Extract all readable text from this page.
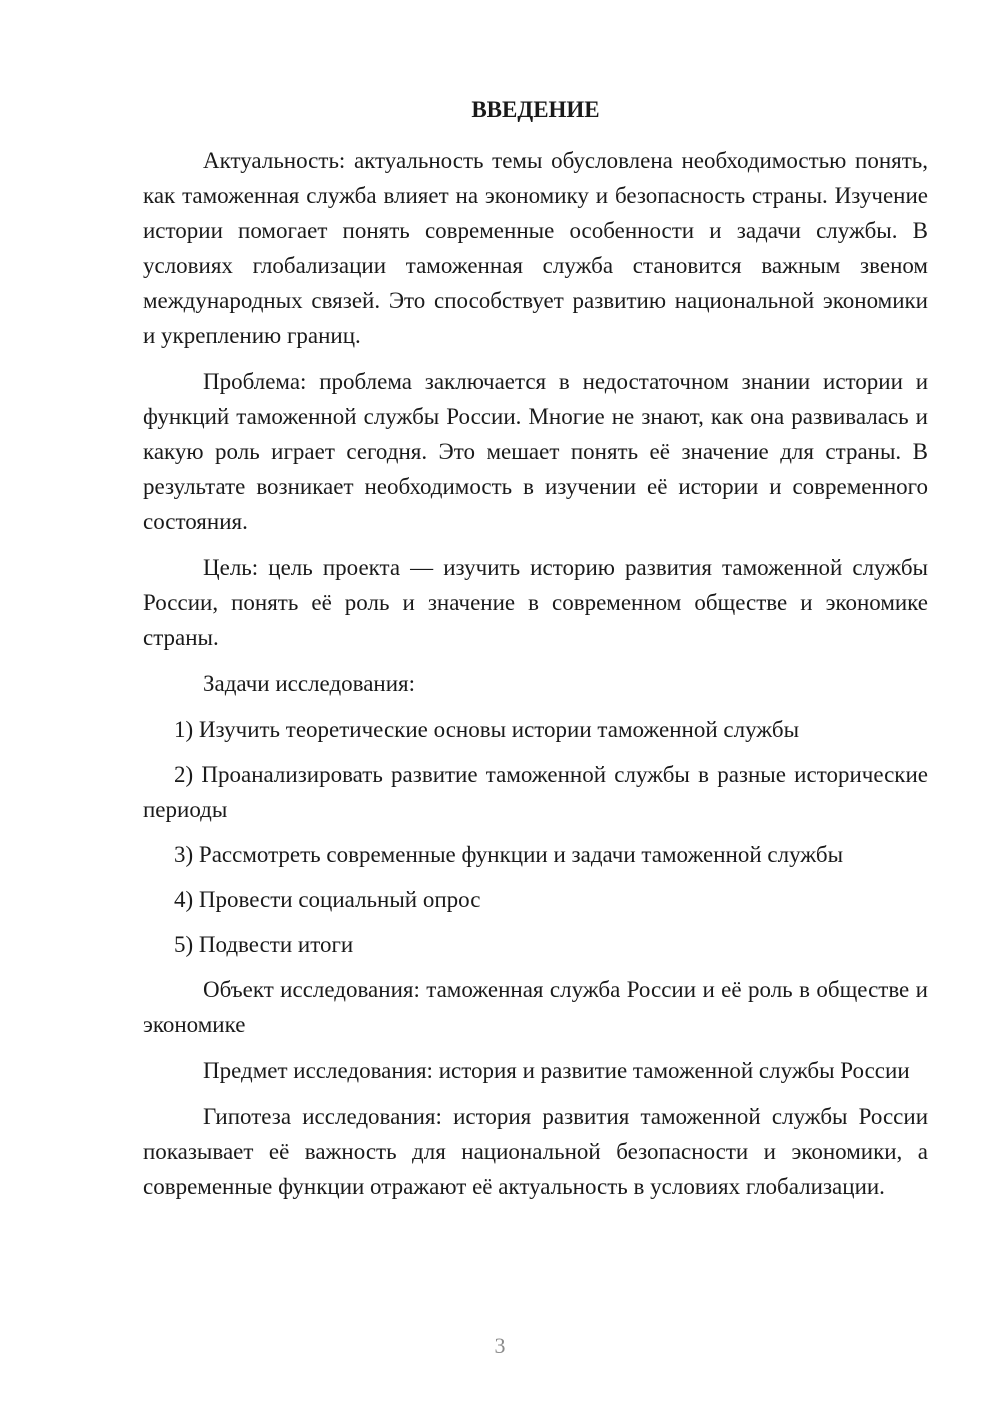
ВВЕДЕНИЕ

Актуальность: актуальность темы обусловлена необходимостью понять, как таможенная служба влияет на экономику и безопасность страны. Изучение истории помогает понять современные особенности и задачи службы. В условиях глобализации таможенная служба становится важным звеном международных связей. Это способствует развитию национальной экономики и укреплению границ.

Проблема: проблема заключается в недостаточном знании истории и функций таможенной службы России. Многие не знают, как она развивалась и какую роль играет сегодня. Это мешает понять её значение для страны. В результате возникает необходимость в изучении её истории и современного состояния.

Цель: цель проекта — изучить историю развития таможенной службы России, понять её роль и значение в современном обществе и экономике страны.

Задачи исследования:

1) Изучить теоретические основы истории таможенной службы
2) Проанализировать развитие таможенной службы в разные исторические периоды
3) Рассмотреть современные функции и задачи таможенной службы
4) Провести социальный опрос
5) Подвести итоги

Объект исследования: таможенная служба России и её роль в обществе и экономике

Предмет исследования: история и развитие таможенной службы России

Гипотеза исследования: история развития таможенной службы России показывает её важность для национальной безопасности и экономики, а современные функции отражают её актуальность в условиях глобализации.

3
